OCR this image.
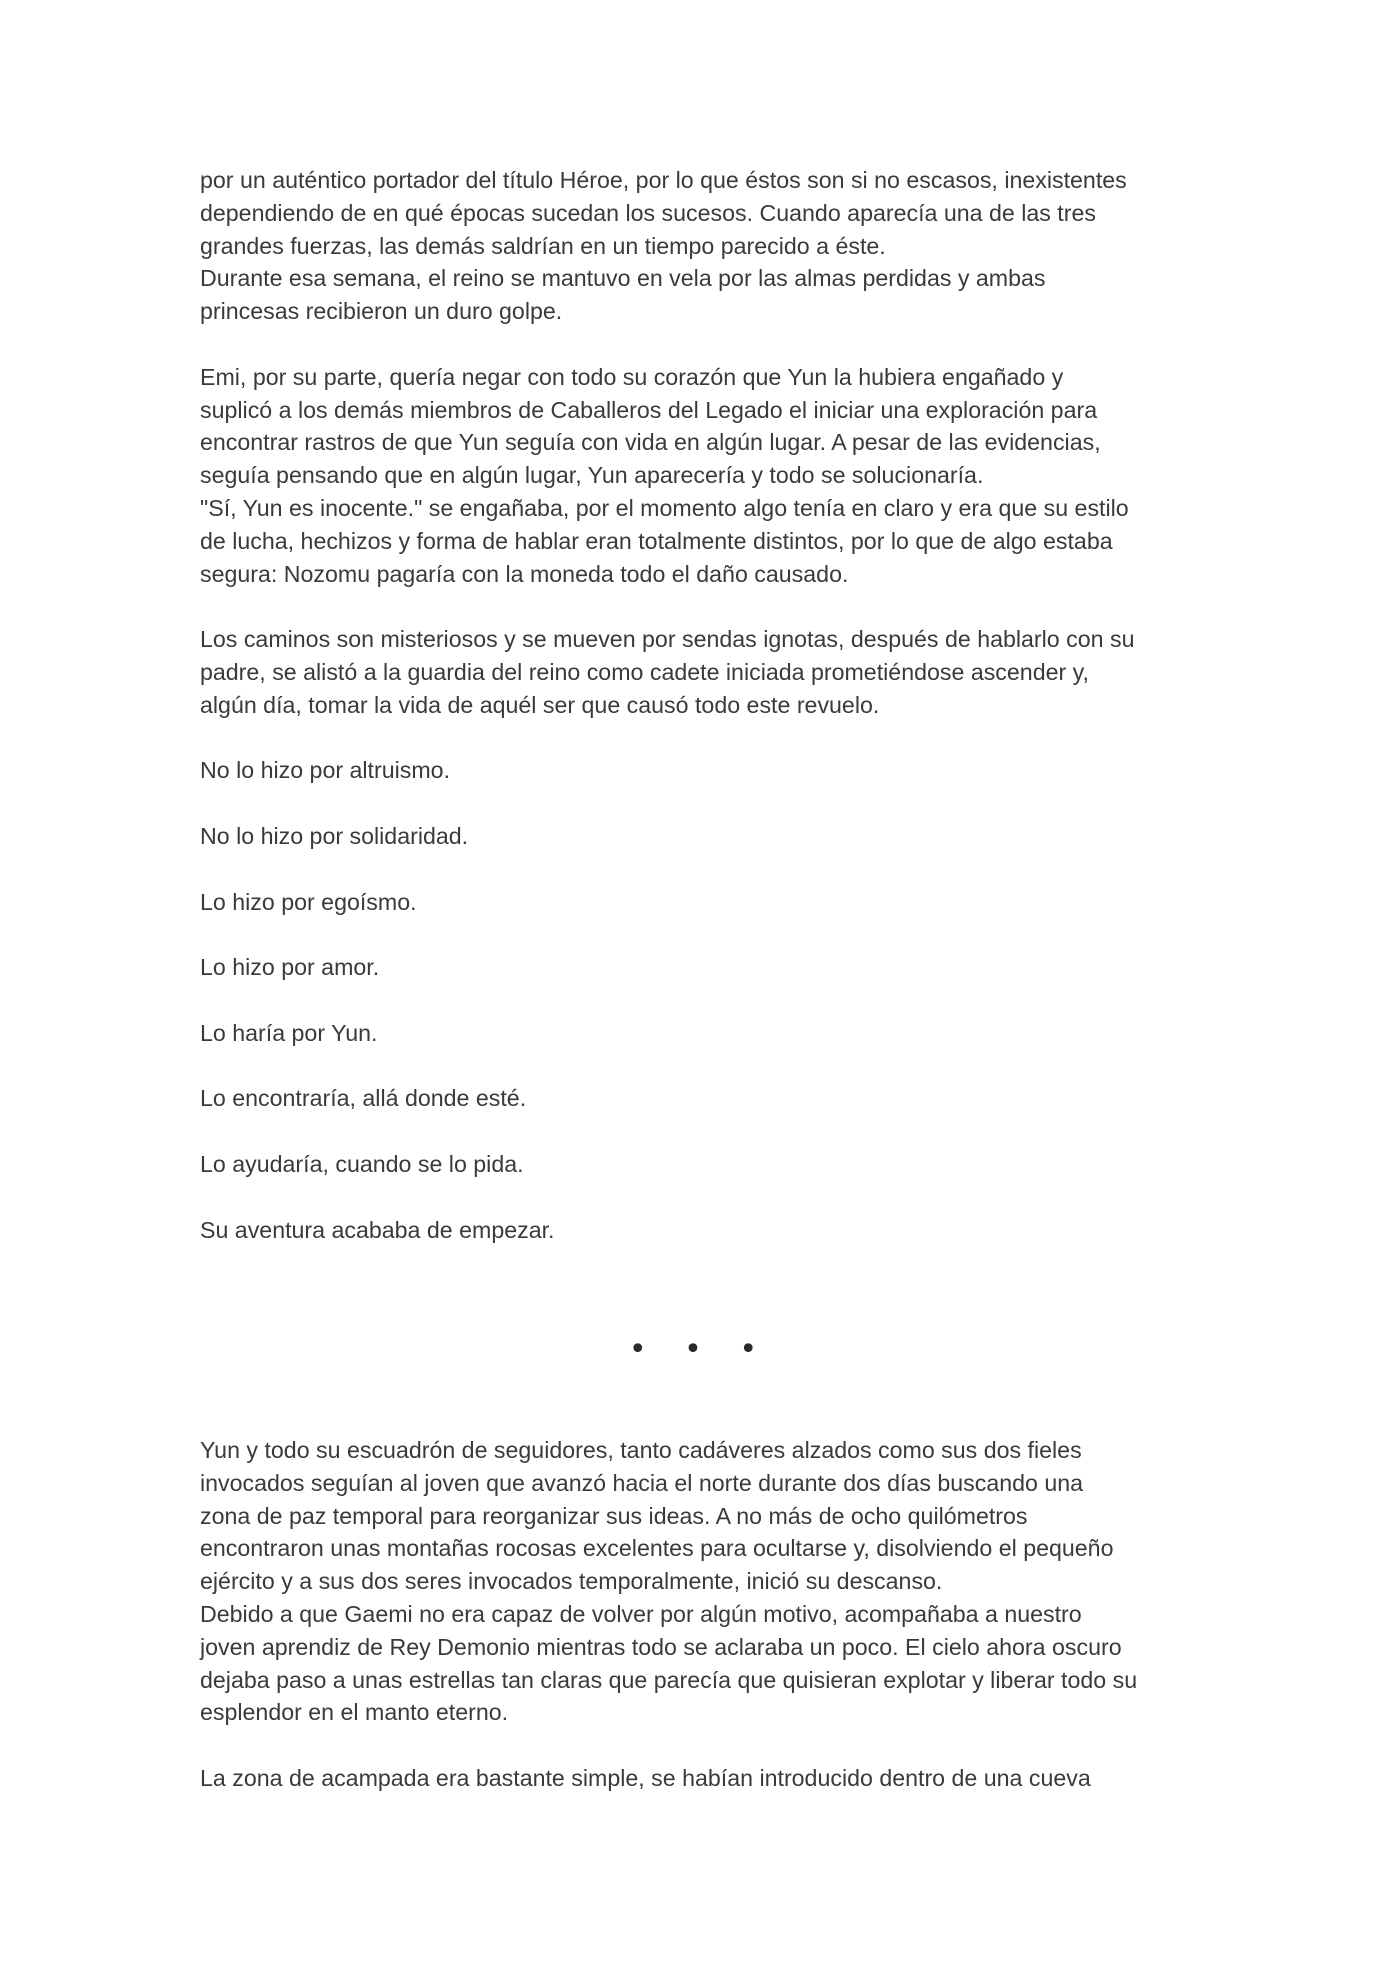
por un auténtico portador del título Héroe, por lo que éstos son si no escasos, inexistentes
dependiendo de en qué épocas sucedan los sucesos. Cuando aparecía una de las tres
grandes fuerzas, las demás saldrían en un tiempo parecido a éste.
Durante esa semana, el reino se mantuvo en vela por las almas perdidas y ambas
princesas recibieron un duro golpe.

Emi, por su parte, quería negar con todo su corazón que Yun la hubiera engañado y
suplicó a los demás miembros de Caballeros del Legado el iniciar una exploración para
encontrar rastros de que Yun seguía con vida en algún lugar. A pesar de las evidencias,
seguía pensando que en algún lugar, Yun aparecería y todo se solucionaría.
"Sí, Yun es inocente." se engañaba, por el momento algo tenía en claro y era que su estilo
de lucha, hechizos y forma de hablar eran totalmente distintos, por lo que de algo estaba
segura: Nozomu pagaría con la moneda todo el daño causado.

Los caminos son misteriosos y se mueven por sendas ignotas, después de hablarlo con su
padre, se alistó a la guardia del reino como cadete iniciada prometiéndose ascender y,
algún día, tomar la vida de aquél ser que causó todo este revuelo.

No lo hizo por altruismo.

No lo hizo por solidaridad.

Lo hizo por egoísmo.

Lo hizo por amor.

Lo haría por Yun.

Lo encontraría, allá donde esté.

Lo ayudaría, cuando se lo pida.

Su aventura acababa de empezar.

• • •

Yun y todo su escuadrón de seguidores, tanto cadáveres alzados como sus dos fieles
invocados seguían al joven que avanzó hacia el norte durante dos días buscando una
zona de paz temporal para reorganizar sus ideas. A no más de ocho quilómetros
encontraron unas montañas rocosas excelentes para ocultarse y, disolviendo el pequeño
ejército y a sus dos seres invocados temporalmente, inició su descanso.
Debido a que Gaemi no era capaz de volver por algún motivo, acompañaba a nuestro
joven aprendiz de Rey Demonio mientras todo se aclaraba un poco. El cielo ahora oscuro
dejaba paso a unas estrellas tan claras que parecía que quisieran explotar y liberar todo su
esplendor en el manto eterno.

La zona de acampada era bastante simple, se habían introducido dentro de una cueva
